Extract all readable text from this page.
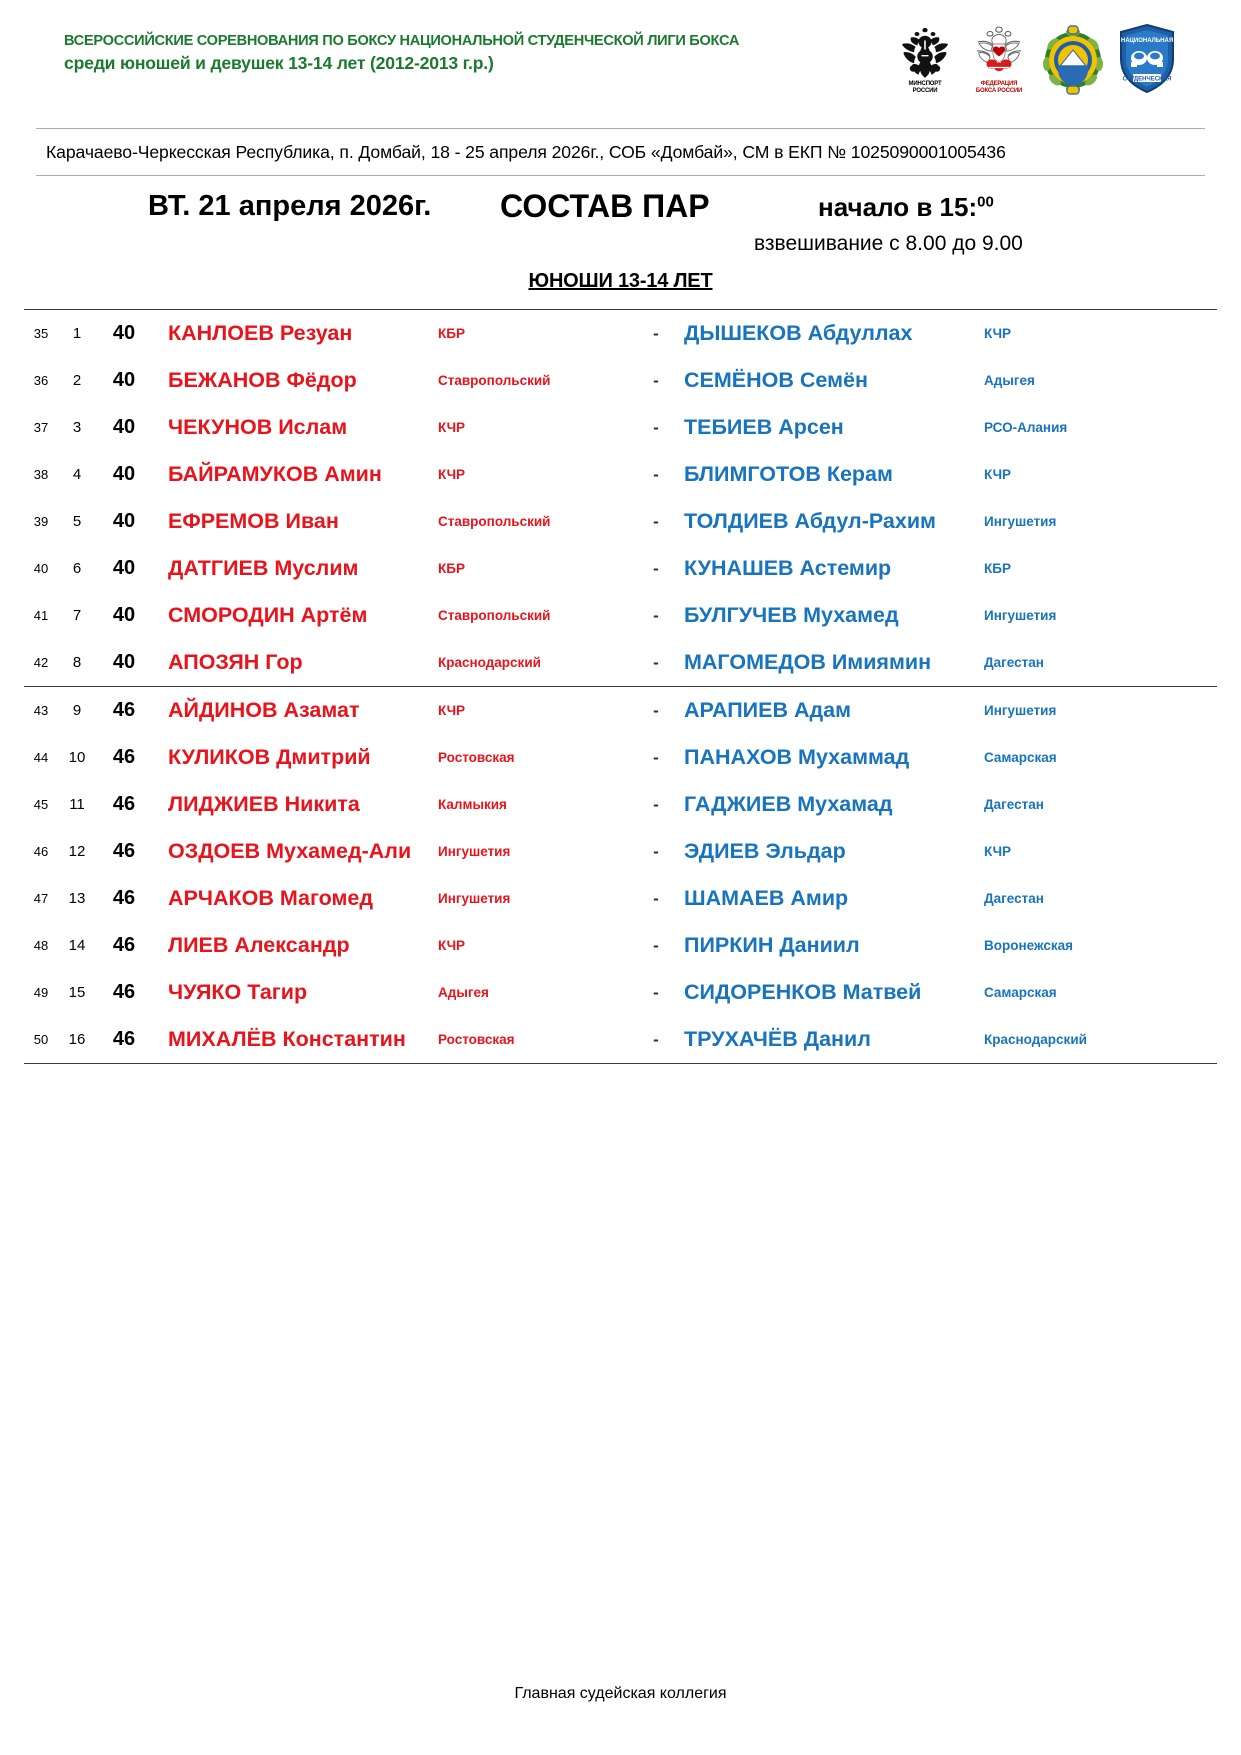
ВСЕРОССИЙСКИЕ СОРЕВНОВАНИЯ ПО БОКСУ НАЦИОНАЛЬНОЙ СТУДЕНЧЕСКОЙ ЛИГИ БОКСА
среди юношей и девушек 13-14 лет (2012-2013 г.р.)
МИНСПОРТ
РОССИИ
ФЕДЕРАЦИЯ
БОКСА РОССИИ
НАЦИОНАЛЬНАЯ
СТУДЕНЧЕСКАЯ
Карачаево-Черкесская Республика, п. Домбай, 18 - 25 апреля 2026г., СОБ «Домбай», СМ в ЕКП № 1025090001005436
ВТ. 21 апреля 2026г. СОСТАВ ПАР	начало в 15:$^{00}$
взвешивание с 8.00 до 9.00
ЮНОШИ 13-14 ЛЕТ
35	1	40	КАНЛОЕВ Резуан	КБР	-	ДЫШЕКОВ Абдуллах	КЧР
36	2	40	БЕЖАНОВ Фёдор	Ставропольский	-	СЕМЁНОВ Семён	Адыгея
37	3	40	ЧЕКУНОВ Ислам	КЧР	-	ТЕБИЕВ Арсен	РСО-Алания
38	4	40	БАЙРАМУКОВ Амин	КЧР	-	БЛИМГОТОВ Керам	КЧР
39	5	40	ЕФРЕМОВ Иван	Ставропольский	-	ТОЛДИЕВ Абдул-Рахим	Ингушетия
40	6	40	ДАТГИЕВ Муслим	КБР	-	КУНАШЕВ Астемир	КБР
41	7	40	СМОРОДИН Артём	Ставропольский	-	БУЛГУЧЕВ Мухамед	Ингушетия
42	8	40	АПОЗЯН Гор	Краснодарский	-	МАГОМЕДОВ Имиямин	Дагестан
43	9	46	АЙДИНОВ Азамат	КЧР	-	АРАПИЕВ Адам	Ингушетия
44	10	46	КУЛИКОВ Дмитрий	Ростовская	-	ПАНАХОВ Мухаммад	Самарская
45	11	46	ЛИДЖИЕВ Никита	Калмыкия	-	ГАДЖИЕВ Мухамад	Дагестан
46	12	46	ОЗДОЕВ Мухамед-Али	Ингушетия	-	ЭДИЕВ Эльдар	КЧР
47	13	46	АРЧАКОВ Магомед	Ингушетия	-	ШАМАЕВ Амир	Дагестан
48	14	46	ЛИЕВ Александр	КЧР	-	ПИРКИН Даниил	Воронежская
49	15	46	ЧУЯКО Тагир	Адыгея	-	СИДОРЕНКОВ Матвей	Самарская
50	16	46	МИХАЛЁВ Константин	Ростовская	-	ТРУХАЧЁВ Данил	Краснодарский
Главная судейская коллегия
